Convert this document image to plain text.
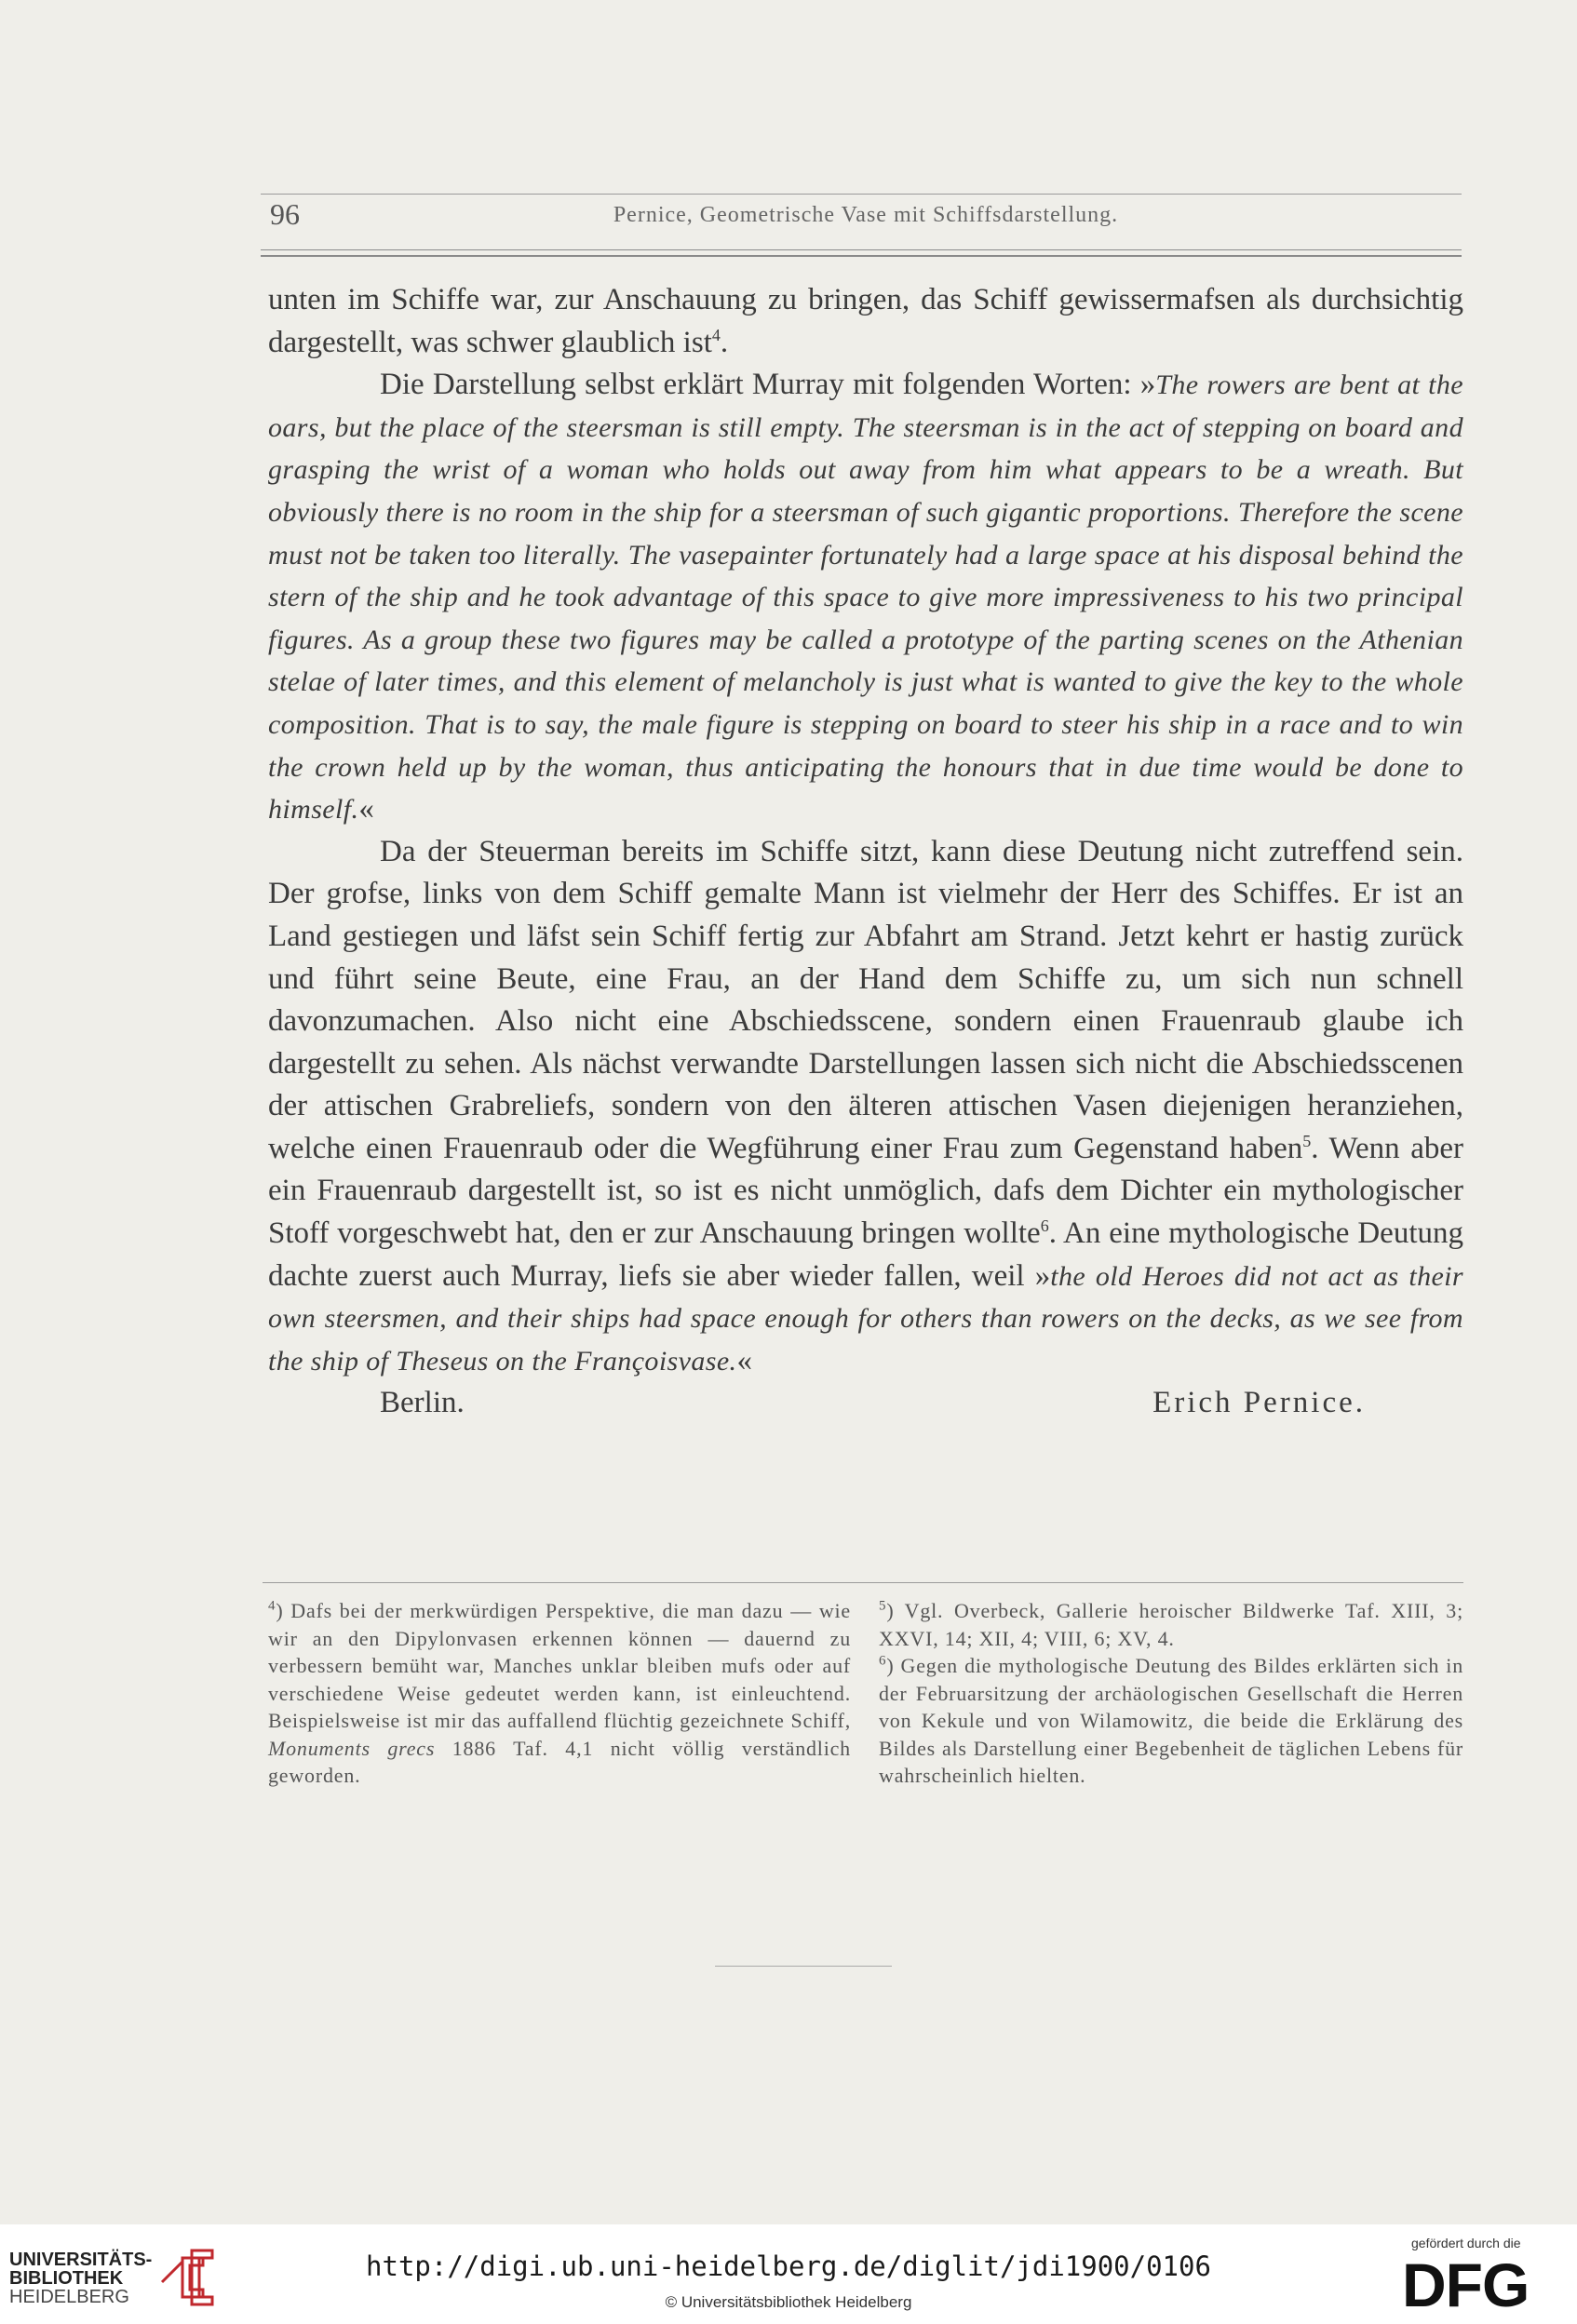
96	Pernice, Geometrische Vase mit Schiffsdarstellung.

unten im Schiffe war, zur Anschauung zu bringen, das Schiff gewissermafsen als durchsichtig dargestellt, was schwer glaublich ist$^4$.

Die Darstellung selbst erklärt Murray mit folgenden Worten: »The rowers are bent at the oars, but the place of the steersman is still empty. The steersman is in the act of stepping on board and grasping the wrist of a woman who holds out away from him what appears to be a wreath. But obviously there is no room in the ship for a steersman of such gigantic proportions. Therefore the scene must not be taken too literally. The vasepainter fortunately had a large space at his disposal behind the stern of the ship and he took advantage of this space to give more impressiveness to his two principal figures. As a group these two figures may be called a prototype of the parting scenes on the Athenian stelae of later times, and this element of melancholy is just what is wanted to give the key to the whole composition. That is to say, the male figure is stepping on board to steer his ship in a race and to win the crown held up by the woman, thus anticipating the honours that in due time would be done to himself.«

Da der Steuerman bereits im Schiffe sitzt, kann diese Deutung nicht zutreffend sein. Der grofse, links von dem Schiff gemalte Mann ist vielmehr der Herr des Schiffes. Er ist an Land gestiegen und läfst sein Schiff fertig zur Abfahrt am Strand. Jetzt kehrt er hastig zurück und führt seine Beute, eine Frau, an der Hand dem Schiffe zu, um sich nun schnell davonzumachen. Also nicht eine Abschiedsscene, sondern einen Frauenraub glaube ich dargestellt zu sehen. Als nächst verwandte Darstellungen lassen sich nicht die Abschiedsscenen der attischen Grabreliefs, sondern von den älteren attischen Vasen diejenigen heranziehen, welche einen Frauenraub oder die Wegführung einer Frau zum Gegenstand haben$^5$. Wenn aber ein Frauenraub dargestellt ist, so ist es nicht unmöglich, dafs dem Dichter ein mythologischer Stoff vorgeschwebt hat, den er zur Anschauung bringen wollte$^6$. An eine mythologische Deutung dachte zuerst auch Murray, liefs sie aber wieder fallen, weil »the old Heroes did not act as their own steersmen, and their ships had space enough for others than rowers on the decks, as we see from the ship of Theseus on the Françoisvase.«

Berlin.	Erich Pernice.

$^4$) Dafs bei der merkwürdigen Perspektive, die man dazu — wie wir an den Dipylonvasen erkennen können — dauernd zu verbessern bemüht war, Manches unklar bleiben mufs oder auf verschiedene Weise gedeutet werden kann, ist einleuchtend. Beispielsweise ist mir das auffallend flüchtig gezeichnete Schiff, Monuments grecs 1886 Taf. 4,1 nicht völlig verständlich geworden.

$^5$) Vgl. Overbeck, Gallerie heroischer Bildwerke Taf. XIII, 3; XXVI, 14; XII, 4; VIII, 6; XV, 4.

$^6$) Gegen die mythologische Deutung des Bildes erklärten sich in der Februarsitzung der archäologischen Gesellschaft die Herren von Kekule und von Wilamowitz, die beide die Erklärung des Bildes als Darstellung einer Begebenheit de täglichen Lebens für wahrscheinlich hielten.

UNIVERSITÄTS-
BIBLIOTHEK
HEIDELBERG
http://digi.ub.uni-heidelberg.de/diglit/jdi1900/0106
© Universitätsbibliothek Heidelberg
gefördert durch die
DFG
